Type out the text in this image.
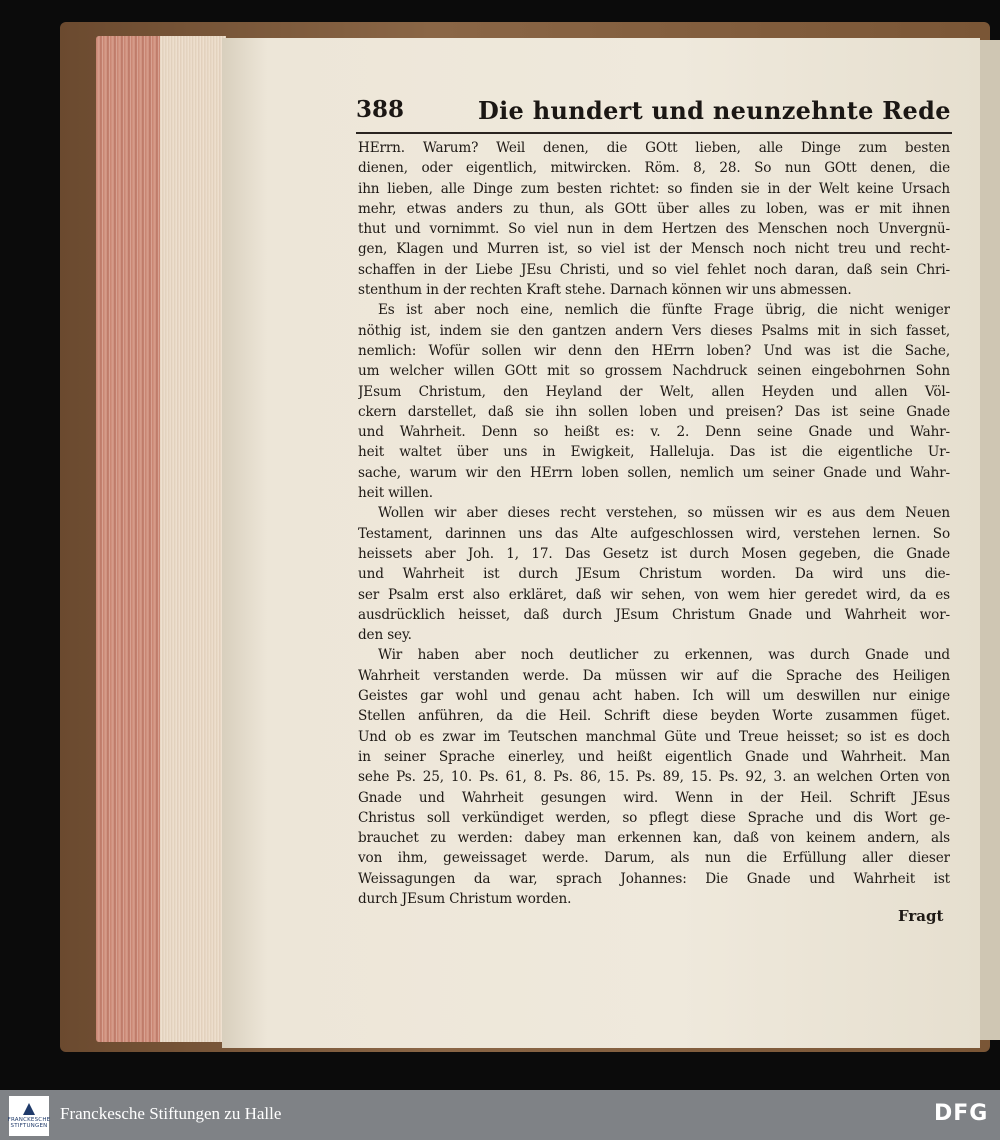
388	Die hundert und neunzehnte Rede
HErrn. Warum? Weil denen, die GOtt lieben, alle Dinge zum besten
dienen, oder eigentlich, mitwircken. Röm. 8, 28. So nun GOtt denen, die
ihn lieben, alle Dinge zum besten richtet: so finden sie in der Welt keine Ursach
mehr, etwas anders zu thun, als GOtt über alles zu loben, was er mit ihnen
thut und vornimmt. So viel nun in dem Hertzen des Menschen noch Unvergnü-
gen, Klagen und Murren ist, so viel ist der Mensch noch nicht treu und recht-
schaffen in der Liebe JEsu Christi, und so viel fehlet noch daran, daß sein Chri-
stenthum in der rechten Kraft stehe. Darnach können wir uns abmessen.
Es ist aber noch eine, nemlich die fünfte Frage übrig, die nicht weniger
nöthig ist, indem sie den gantzen andern Vers dieses Psalms mit in sich fasset,
nemlich: Wofür sollen wir denn den HErrn loben? Und was ist die Sache,
um welcher willen GOtt mit so grossem Nachdruck seinen eingebohrnen Sohn
JEsum Christum, den Heyland der Welt, allen Heyden und allen Völ-
ckern darstellet, daß sie ihn sollen loben und preisen? Das ist seine Gnade
und Wahrheit. Denn so heißt es: v. 2. Denn seine Gnade und Wahr-
heit waltet über uns in Ewigkeit, Halleluja. Das ist die eigentliche Ur-
sache, warum wir den HErrn loben sollen, nemlich um seiner Gnade und Wahr-
heit willen.
Wollen wir aber dieses recht verstehen, so müssen wir es aus dem Neuen
Testament, darinnen uns das Alte aufgeschlossen wird, verstehen lernen. So
heissets aber Joh. 1, 17. Das Gesetz ist durch Mosen gegeben, die Gnade
und Wahrheit ist durch JEsum Christum worden. Da wird uns die-
ser Psalm erst also erkläret, daß wir sehen, von wem hier geredet wird, da es
ausdrücklich heisset, daß durch JEsum Christum Gnade und Wahrheit wor-
den sey.
Wir haben aber noch deutlicher zu erkennen, was durch Gnade und
Wahrheit verstanden werde. Da müssen wir auf die Sprache des Heiligen
Geistes gar wohl und genau acht haben. Ich will um deswillen nur einige
Stellen anführen, da die Heil. Schrift diese beyden Worte zusammen füget.
Und ob es zwar im Teutschen manchmal Güte und Treue heisset; so ist es doch
in seiner Sprache einerley, und heißt eigentlich Gnade und Wahrheit. Man
sehe Ps. 25, 10. Ps. 61, 8. Ps. 86, 15. Ps. 89, 15. Ps. 92, 3. an welchen Orten von
Gnade und Wahrheit gesungen wird. Wenn in der Heil. Schrift JEsus
Christus soll verkündiget werden, so pflegt diese Sprache und dis Wort ge-
brauchet zu werden: dabey man erkennen kan, daß von keinem andern, als
von ihm, geweissaget werde. Darum, als nun die Erfüllung aller dieser
Weissagungen da war, sprach Johannes: Die Gnade und Wahrheit ist
durch JEsum Christum worden.
Fragt
FRANCKESCHE
STIFTUNGEN
Franckesche Stiftungen zu Halle	DFG
